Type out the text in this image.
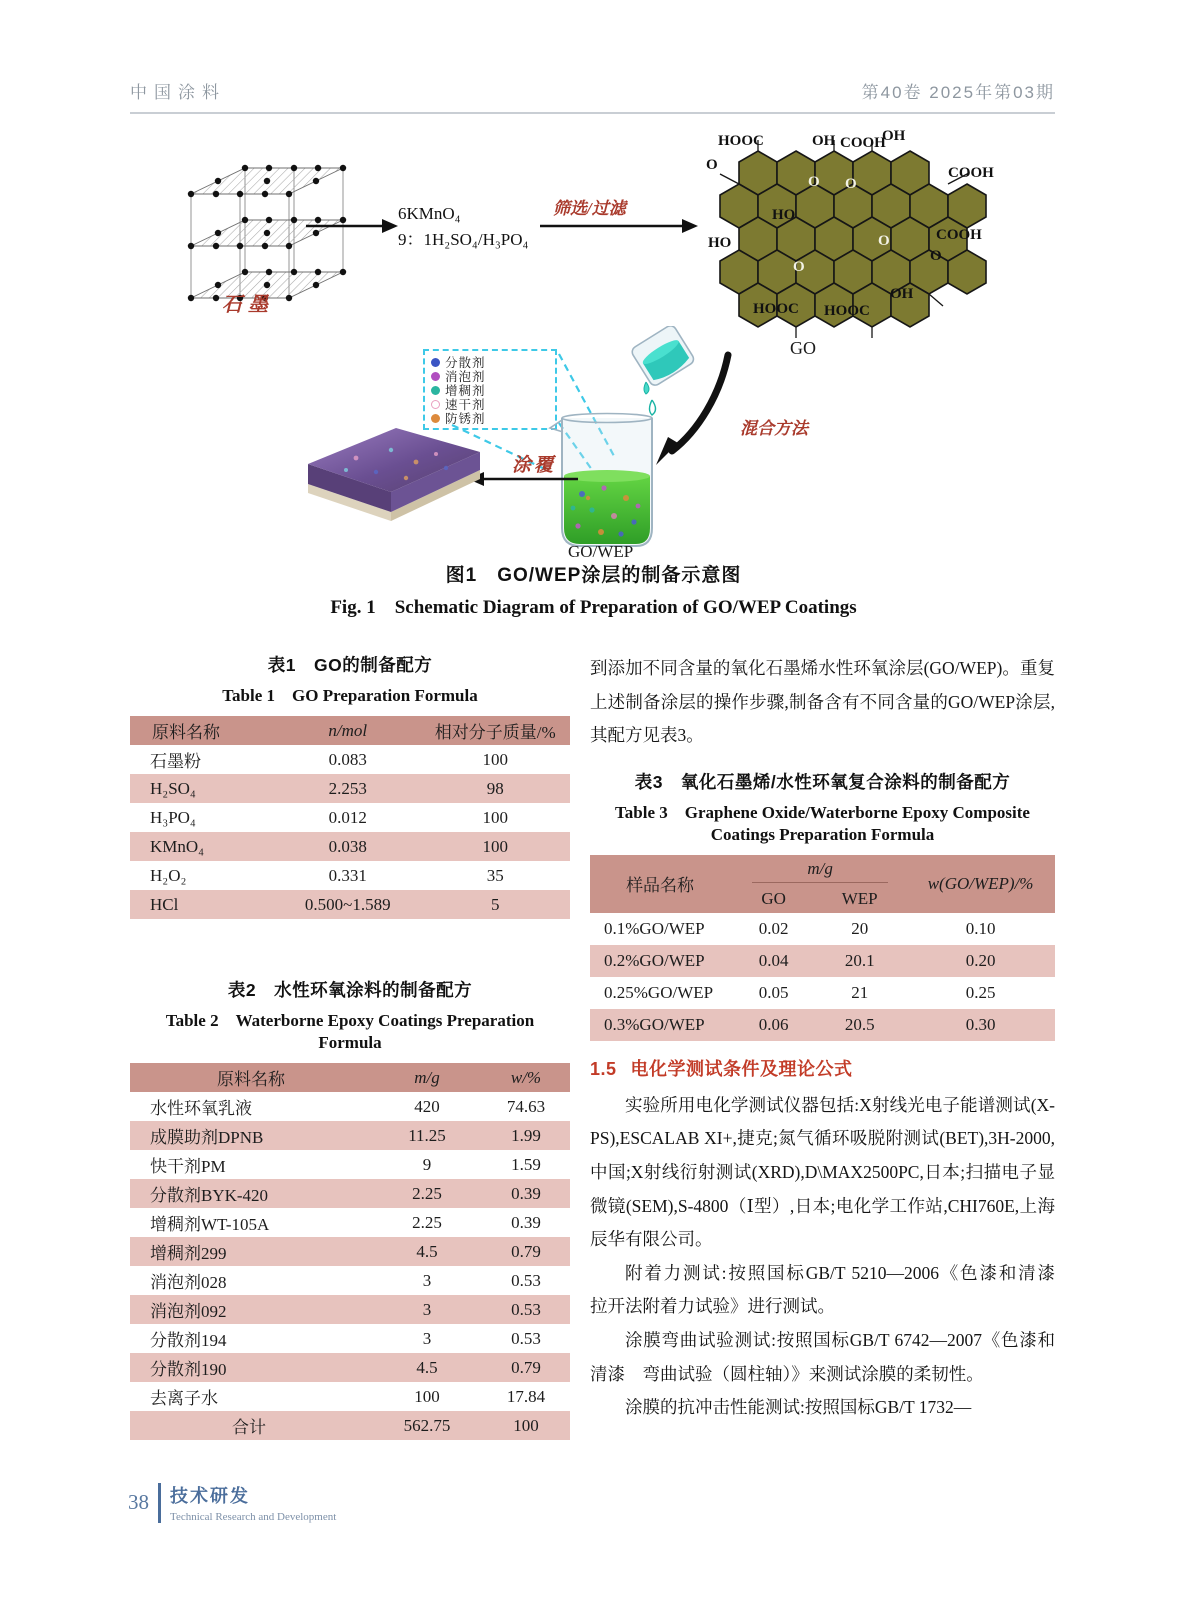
中国涂料	第40卷 2025年第03期
石墨
6KMnO₄
9：1H₂SO₄/H₃PO₄
筛选/过滤
HOOC
O
OH COOH
OH
COOH
HO
HO	COOH
O
OH
HOOC HOOC
O O
O
O
GO
混合方法
分散剂
消泡剂
增稠剂
速干剂
防锈剂
GO/WEP
涂覆
图1　GO/WEP涂层的制备示意图
Fig. 1　Schematic Diagram of Preparation of GO/WEP Coatings
表1　GO的制备配方
Table 1　GO Preparation Formula
原料名称	n/mol	相对分子质量/%
石墨粉	0.083	100
H₂SO₄	2.253	98
H₃PO₄	0.012	100
KMnO₄	0.038	100
H₂O₂	0.331	35
HCl	0.500~1.589	5
表2　水性环氧涂料的制备配方
Table 2　Waterborne Epoxy Coatings Preparation
Formula
原料名称	m/g	w/%
水性环氧乳液	420	74.63
成膜助剂DPNB	11.25	1.99
快干剂PM	9	1.59
分散剂BYK-420	2.25	0.39
增稠剂WT-105A	2.25	0.39
增稠剂299	4.5	0.79
消泡剂028	3	0.53
消泡剂092	3	0.53
分散剂194	3	0.53
分散剂190	4.5	0.79
去离子水	100	17.84
合计	562.75	100

到添加不同含量的氧化石墨烯水性环氧涂层(GO/WEP)。重复上述制备涂层的操作步骤,制备含有不同含量的GO/WEP涂层,其配方见表3。

表3　氧化石墨烯/水性环氧复合涂料的制备配方
Table 3　Graphene Oxide/Waterborne Epoxy Composite
Coatings Preparation Formula
样品名称	m/g		w(GO/WEP)/%
	GO	WEP	
0.1%GO/WEP	0.02	20	0.10
0.2%GO/WEP	0.04	20.1	0.20
0.25%GO/WEP	0.05	21	0.25
0.3%GO/WEP	0.06	20.5	0.30
1.5 电化学测试条件及理论公式

实验所用电化学测试仪器包括:X射线光电子能谱测试(X-PS),ESCALAB XI+,捷克;氮气循环吸脱附测试(BET),3H-2000,中国;X射线衍射测试(XRD),D\MAX2500PC,日本;扫描电子显微镜(SEM),S-4800（Ⅰ型）,日本;电化学工作站,CHI760E,上海辰华有限公司。

附着力测试:按照国标GB/T 5210—2006《色漆和清漆　拉开法附着力试验》进行测试。

涂膜弯曲试验测试:按照国标GB/T 6742—2007《色漆和清漆　弯曲试验（圆柱轴）》来测试涂膜的柔韧性。

涂膜的抗冲击性能测试:按照国标GB/T 1732—

38 技术研发
Technical Research and Development
